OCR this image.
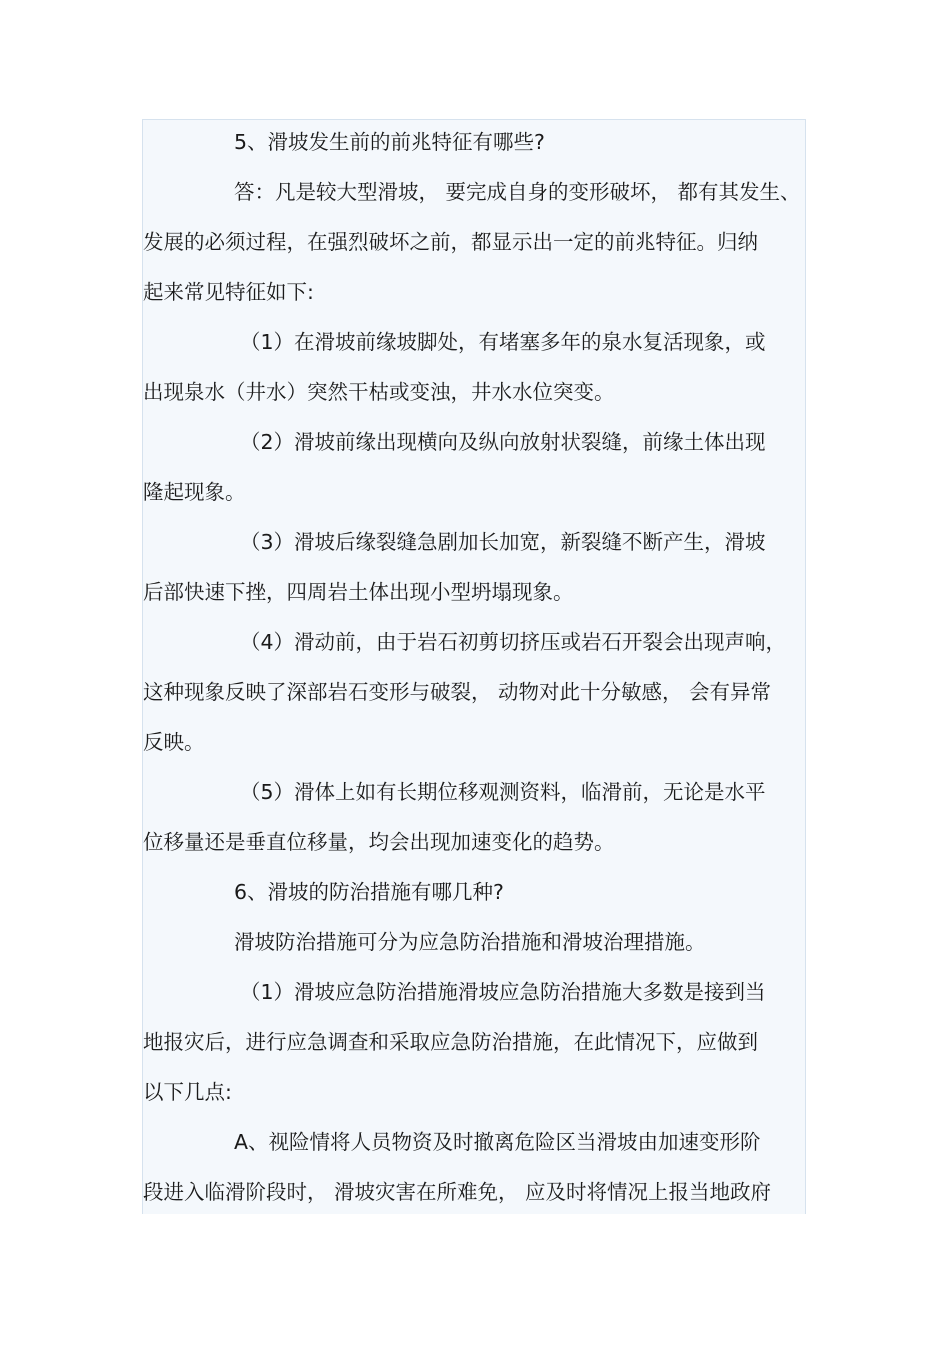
5、滑坡发生前的前兆特征有哪些?
答：凡是较大型滑坡， 要完成自身的变形破坏， 都有其发生、
发展的必须过程，在强烈破坏之前，都显示出一定的前兆特征。归纳
起来常见特征如下:
（1）在滑坡前缘坡脚处，有堵塞多年的泉水复活现象，或
出现泉水（井水）突然干枯或变浊，井水水位突变。
（2）滑坡前缘出现横向及纵向放射状裂缝，前缘土体出现
隆起现象。
（3）滑坡后缘裂缝急剧加长加宽，新裂缝不断产生，滑坡
后部快速下挫，四周岩土体出现小型坍塌现象。
（4）滑动前，由于岩石初剪切挤压或岩石开裂会出现声响，
这种现象反映了深部岩石变形与破裂， 动物对此十分敏感， 会有异常
反映。
（5）滑体上如有长期位移观测资料，临滑前，无论是水平
位移量还是垂直位移量，均会出现加速变化的趋势。
6、滑坡的防治措施有哪几种?
滑坡防治措施可分为应急防治措施和滑坡治理措施。
（1）滑坡应急防治措施滑坡应急防治措施大多数是接到当
地报灾后，进行应急调查和采取应急防治措施，在此情况下，应做到
以下几点:
A、视险情将人员物资及时撤离危险区当滑坡由加速变形阶
段进入临滑阶段时， 滑坡灾害在所难免， 应及时将情况上报当地政府
